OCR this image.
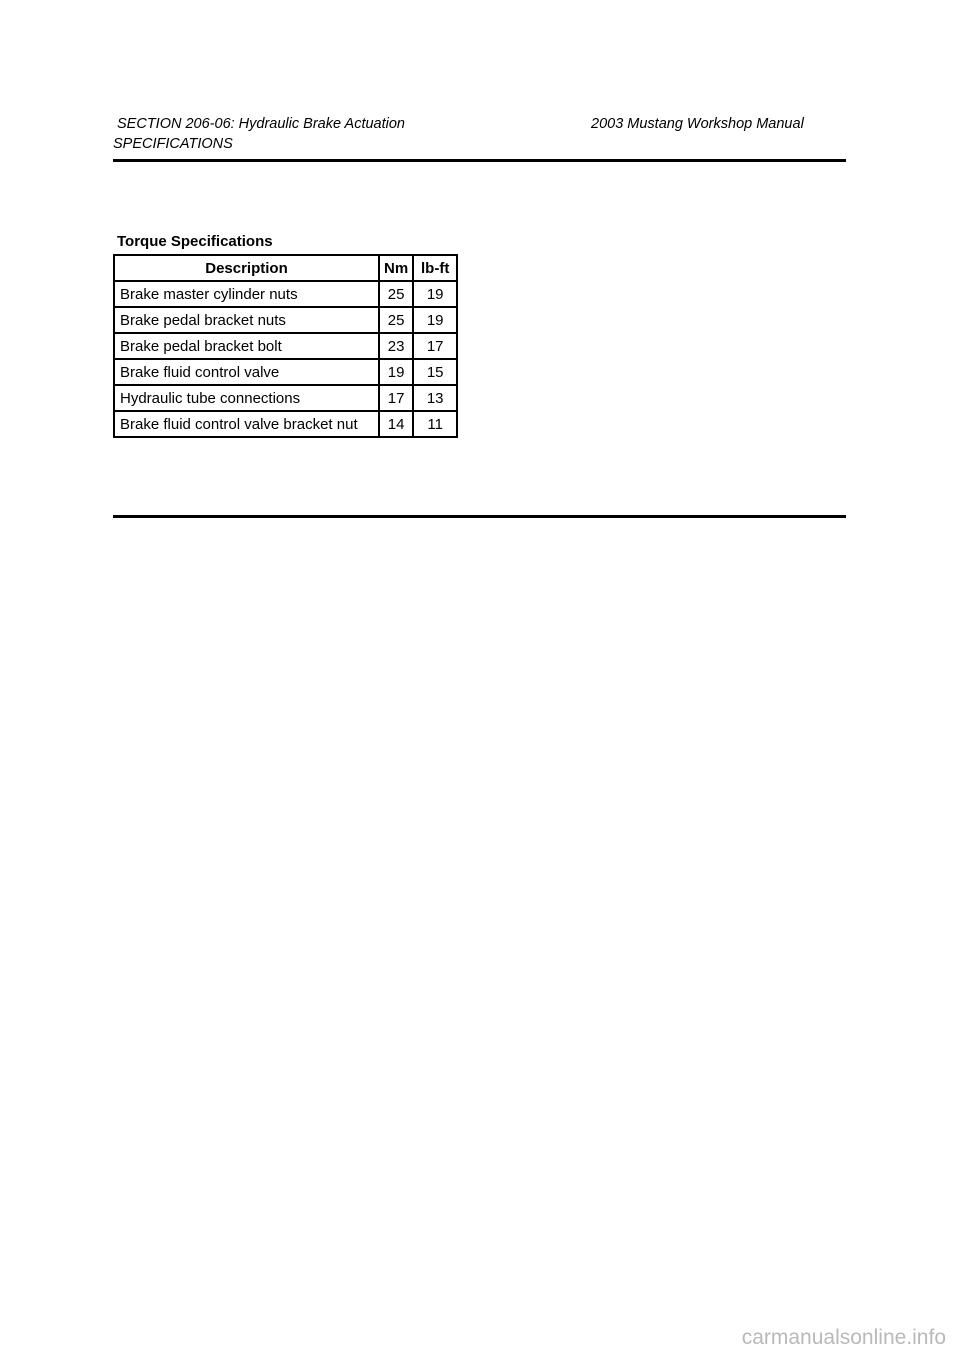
SECTION 206-06: Hydraulic Brake Actuation	2003 Mustang Workshop Manual
SPECIFICATIONS
Torque Specifications
Description	Nm	lb-ft
Brake master cylinder nuts	25	19
Brake pedal bracket nuts	25	19
Brake pedal bracket bolt	23	17
Brake fluid control valve	19	15
Hydraulic tube connections	17	13
Brake fluid control valve bracket nut	14	11
carmanualsonline.info
